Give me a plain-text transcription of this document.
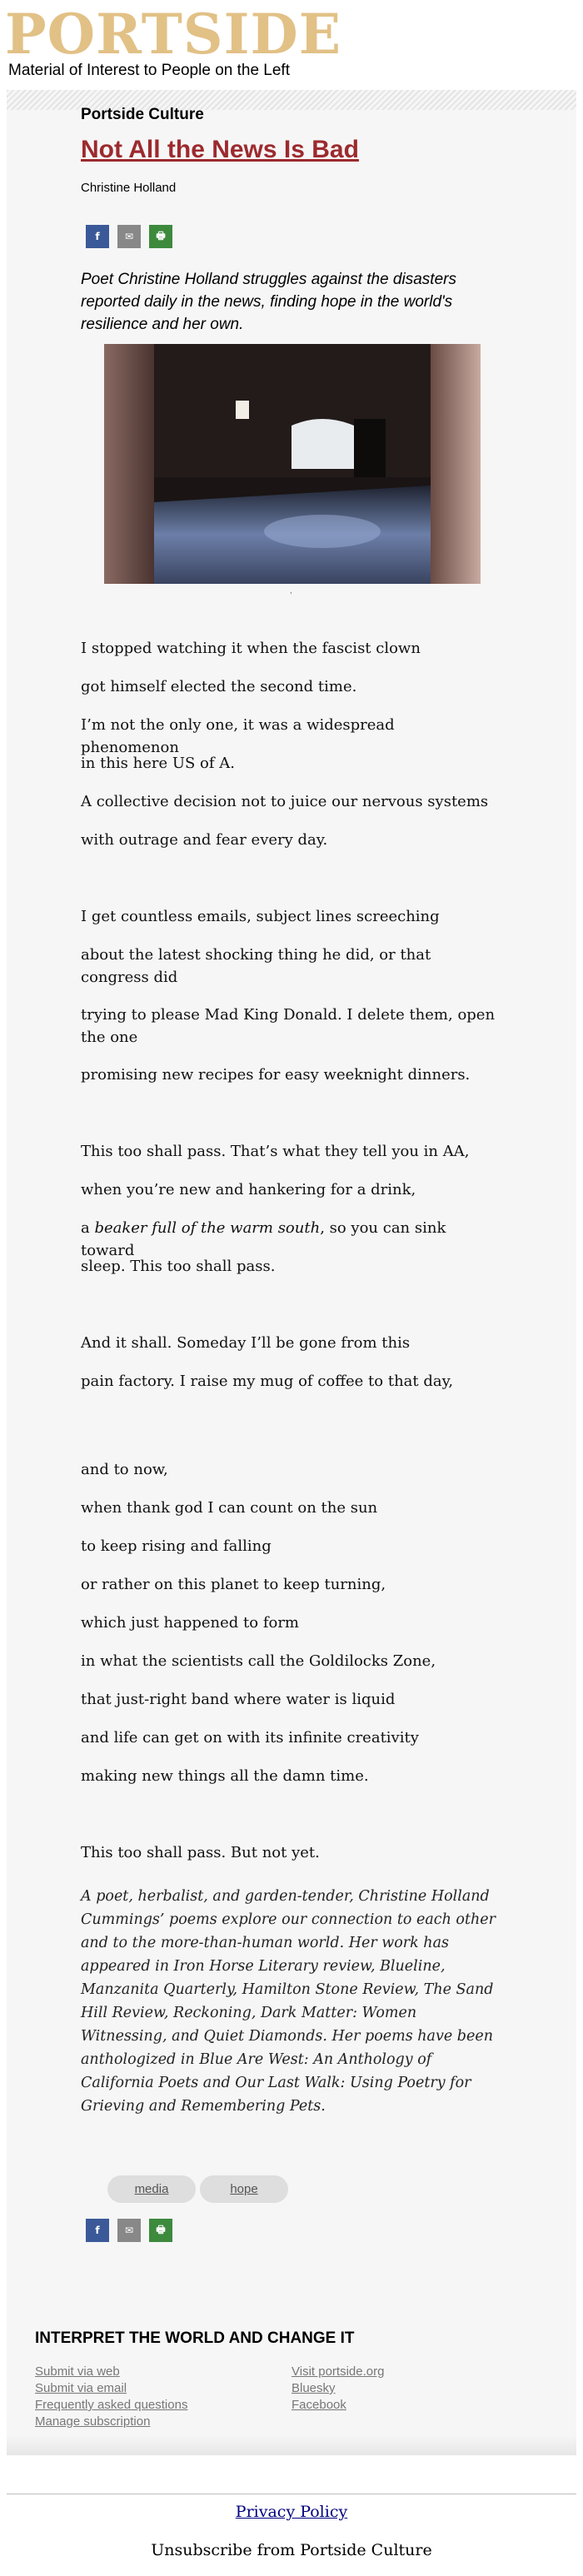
PORTSIDE
Material of Interest to People on the Left
Portside Culture
Not All the News Is Bad
Christine Holland
f	✉ 🖶
Poet Christine Holland struggles against the disasters reported daily in the news, finding hope in the world's resilience and her own.
,

I stopped watching it when the fascist clown

got himself elected the second time.

I’m not the only one, it was a widespread phenomenon

in this here US of A.

A collective decision not to juice our nervous systems

with outrage and fear every day.

I get countless emails, subject lines screeching

about the latest shocking thing he did, or that congress did

trying to please Mad King Donald. I delete them, open the one

promising new recipes for easy weeknight dinners.

This too shall pass. That’s what they tell you in AA,

when you’re new and hankering for a drink,

a beaker full of the warm south, so you can sink toward

sleep. This too shall pass.

And it shall. Someday I’ll be gone from this

pain factory. I raise my mug of coffee to that day,

and to now,

when thank god I can count on the sun

to keep rising and falling

or rather on this planet to keep turning,

which just happened to form

in what the scientists call the Goldilocks Zone,

that just-right band where water is liquid

and life can get on with its infinite creativity

making new things all the damn time.

This too shall pass. But not yet.

A poet, herbalist, and garden-tender, Christine Holland Cummings’ poems explore our connection to each other and to the more-than-human world. Her work has appeared in Iron Horse Literary review, Blueline, Manzanita Quarterly, Hamilton Stone Review, The Sand Hill Review, Reckoning, Dark Matter: Women Witnessing, and Quiet Diamonds. Her poems have been anthologized in Blue Are West: An Anthology of California Poets and Our Last Walk: Using Poetry for Grieving and Remembering Pets.

media	hope
f	✉ 🖶
INTERPRET THE WORLD AND CHANGE IT
Submit via web
Submit via email
Frequently asked questions
Manage subscription
Visit portside.org
Bluesky
Facebook
Privacy Policy
Unsubscribe from Portside Culture
